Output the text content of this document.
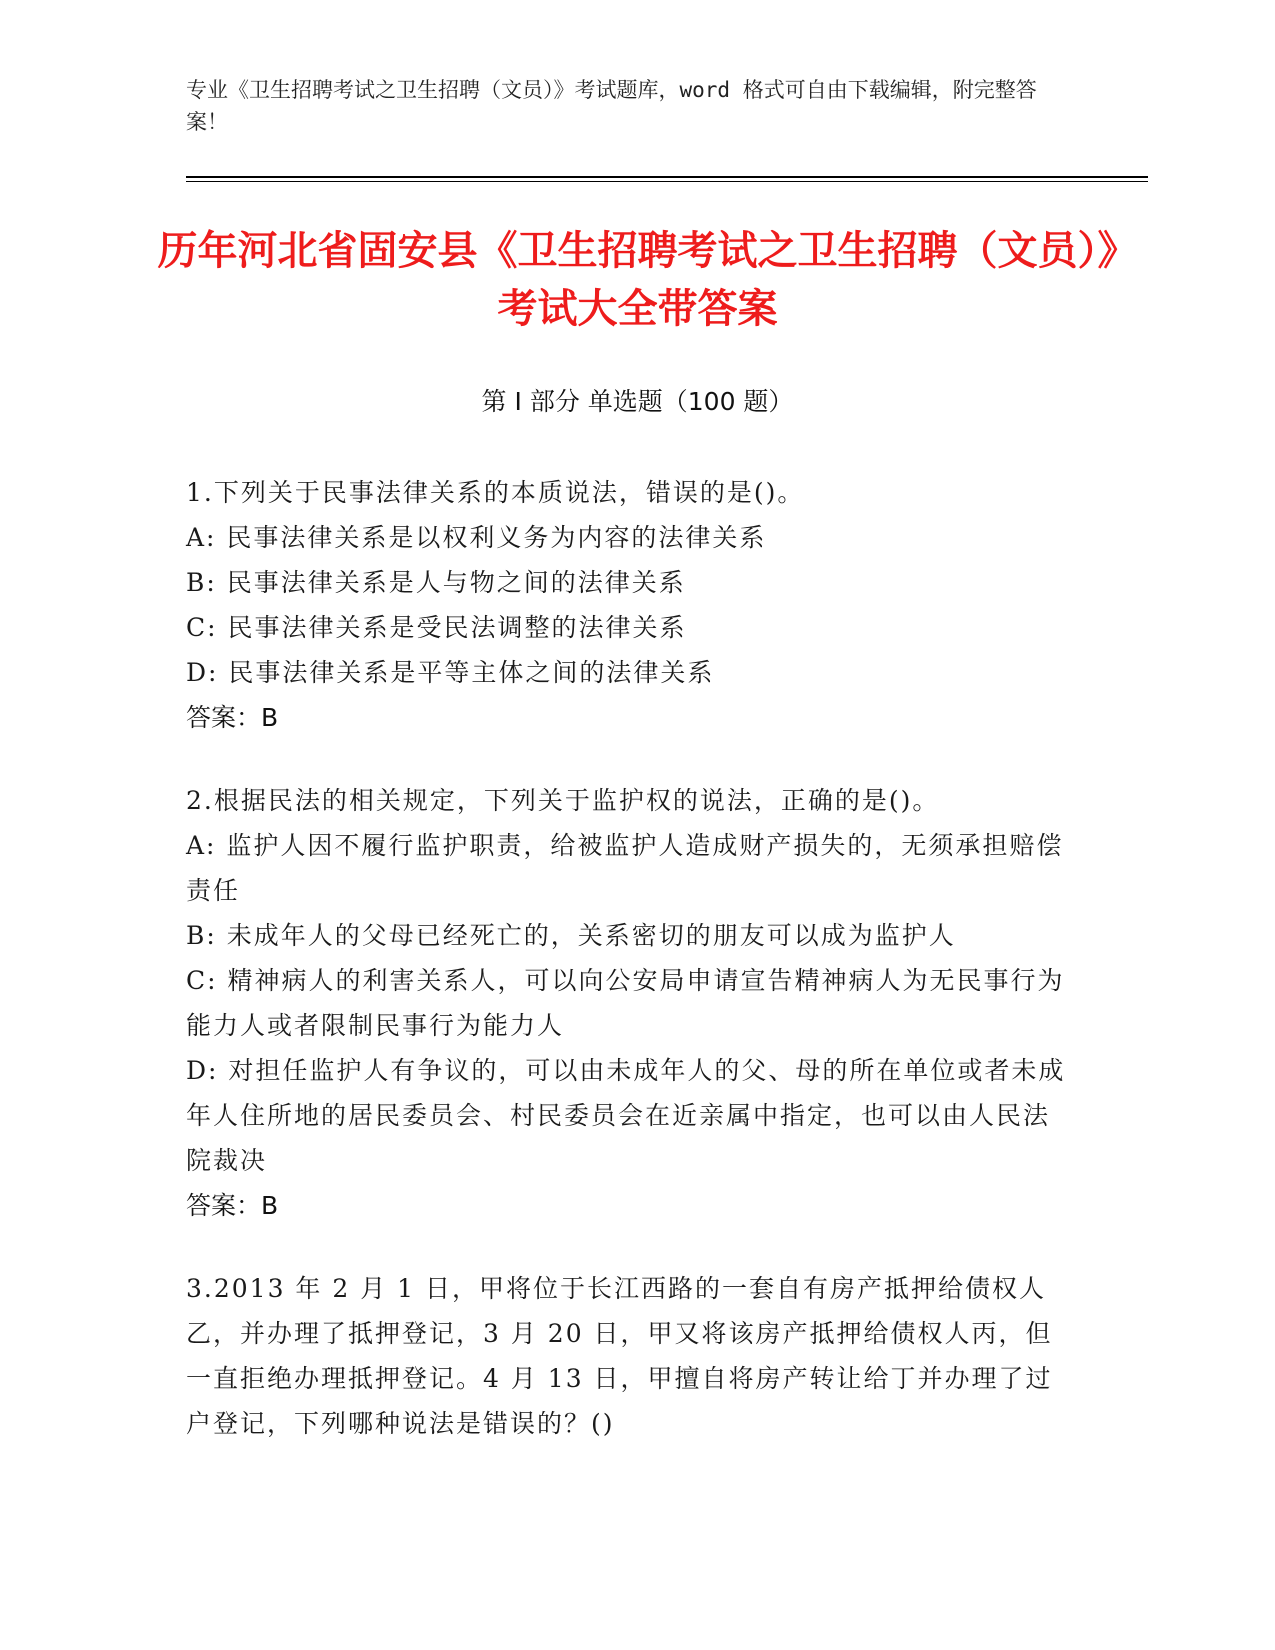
专业《卫生招聘考试之卫生招聘（文员）》考试题库，word 格式可自由下载编辑，附完整答案！
历年河北省固安县《卫生招聘考试之卫生招聘（文员）》考试大全带答案
第 I 部分 单选题（100 题）

1.下列关于民事法律关系的本质说法，错误的是()。

A: 民事法律关系是以权利义务为内容的法律关系

B: 民事法律关系是人与物之间的法律关系

C: 民事法律关系是受民法调整的法律关系

D: 民事法律关系是平等主体之间的法律关系

答案：B

2.根据民法的相关规定，下列关于监护权的说法，正确的是()。

A: 监护人因不履行监护职责，给被监护人造成财产损失的，无须承担赔偿责任

B: 未成年人的父母已经死亡的，关系密切的朋友可以成为监护人

C: 精神病人的利害关系人，可以向公安局申请宣告精神病人为无民事行为能力人或者限制民事行为能力人

D: 对担任监护人有争议的，可以由未成年人的父、母的所在单位或者未成年人住所地的居民委员会、村民委员会在近亲属中指定，也可以由人民法院裁决

答案：B

3.2013 年 2 月 1 日，甲将位于长江西路的一套自有房产抵押给债权人乙，并办理了抵押登记，3 月 20 日，甲又将该房产抵押给债权人丙，但一直拒绝办理抵押登记。4 月 13 日，甲擅自将房产转让给丁并办理了过户登记，下列哪种说法是错误的？()
